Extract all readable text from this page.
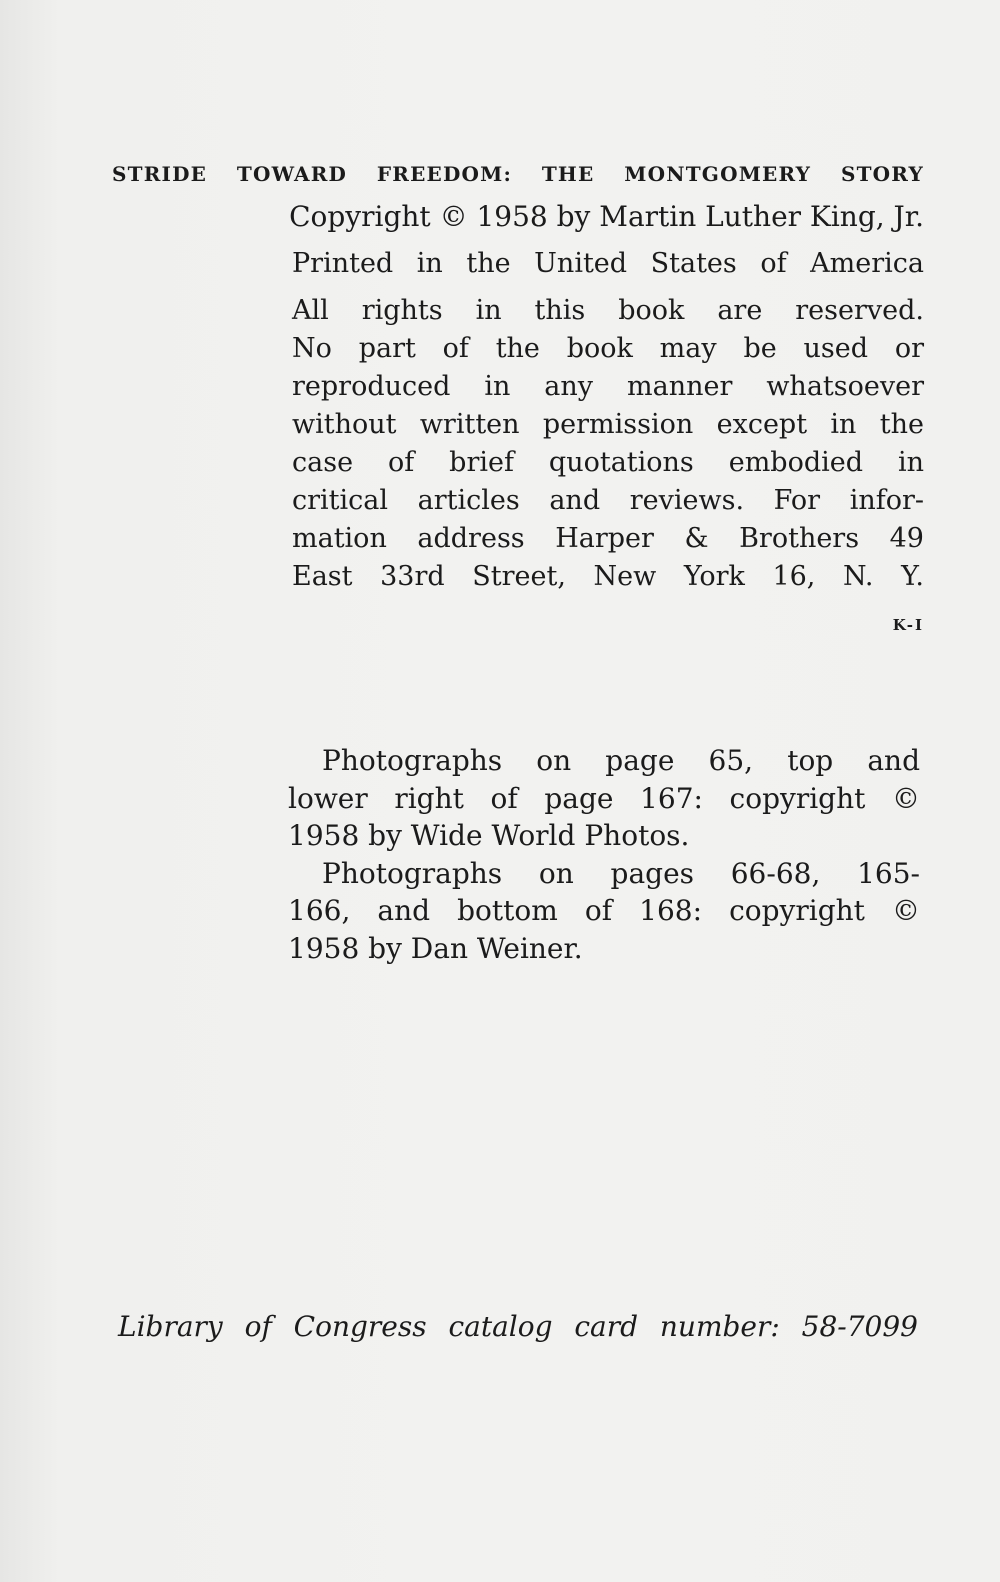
STRIDE TOWARD FREEDOM: THE MONTGOMERY STORY
Copyright © 1958 by Martin Luther King, Jr.
Printed in the United States of America
All rights in this book are reserved.
No part of the book may be used or
reproduced in any manner whatsoever
without written permission except in the
case of brief quotations embodied in
critical articles and reviews. For infor-
mation address Harper & Brothers 49
East 33rd Street, New York 16, N. Y.
K-I
Photographs on page 65, top and
lower right of page 167: copyright ©
1958 by Wide World Photos.
Photographs on pages 66-68, 165-
166, and bottom of 168: copyright ©
1958 by Dan Weiner.
Library of Congress catalog card number: 58-7099
